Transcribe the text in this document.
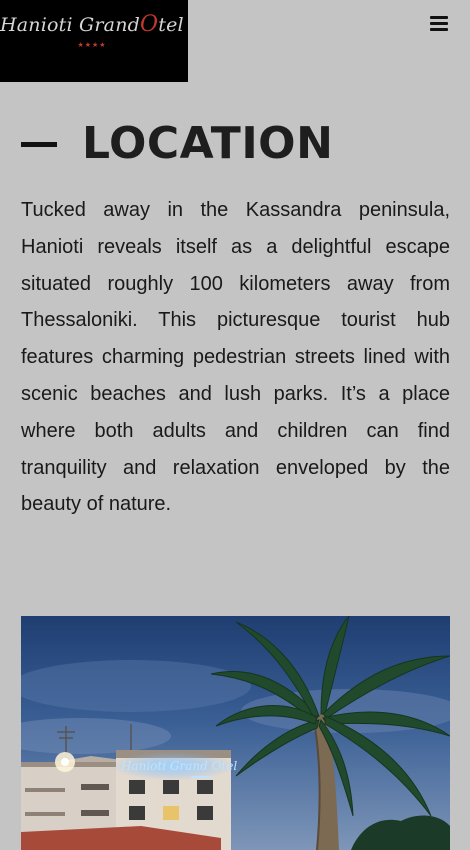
Hanioti GrandOtel
★★★★
LOCATION

Tucked away in the Kassandra peninsula, Hanioti reveals itself as a delightful escape situated roughly 100 kilometers away from Thessaloniki. This picturesque tourist hub features charming pedestrian streets lined with scenic beaches and lush parks. It’s a place where both adults and children can find tranquility and relaxation enveloped by the beauty of nature.

Hanioti Grand Otel
